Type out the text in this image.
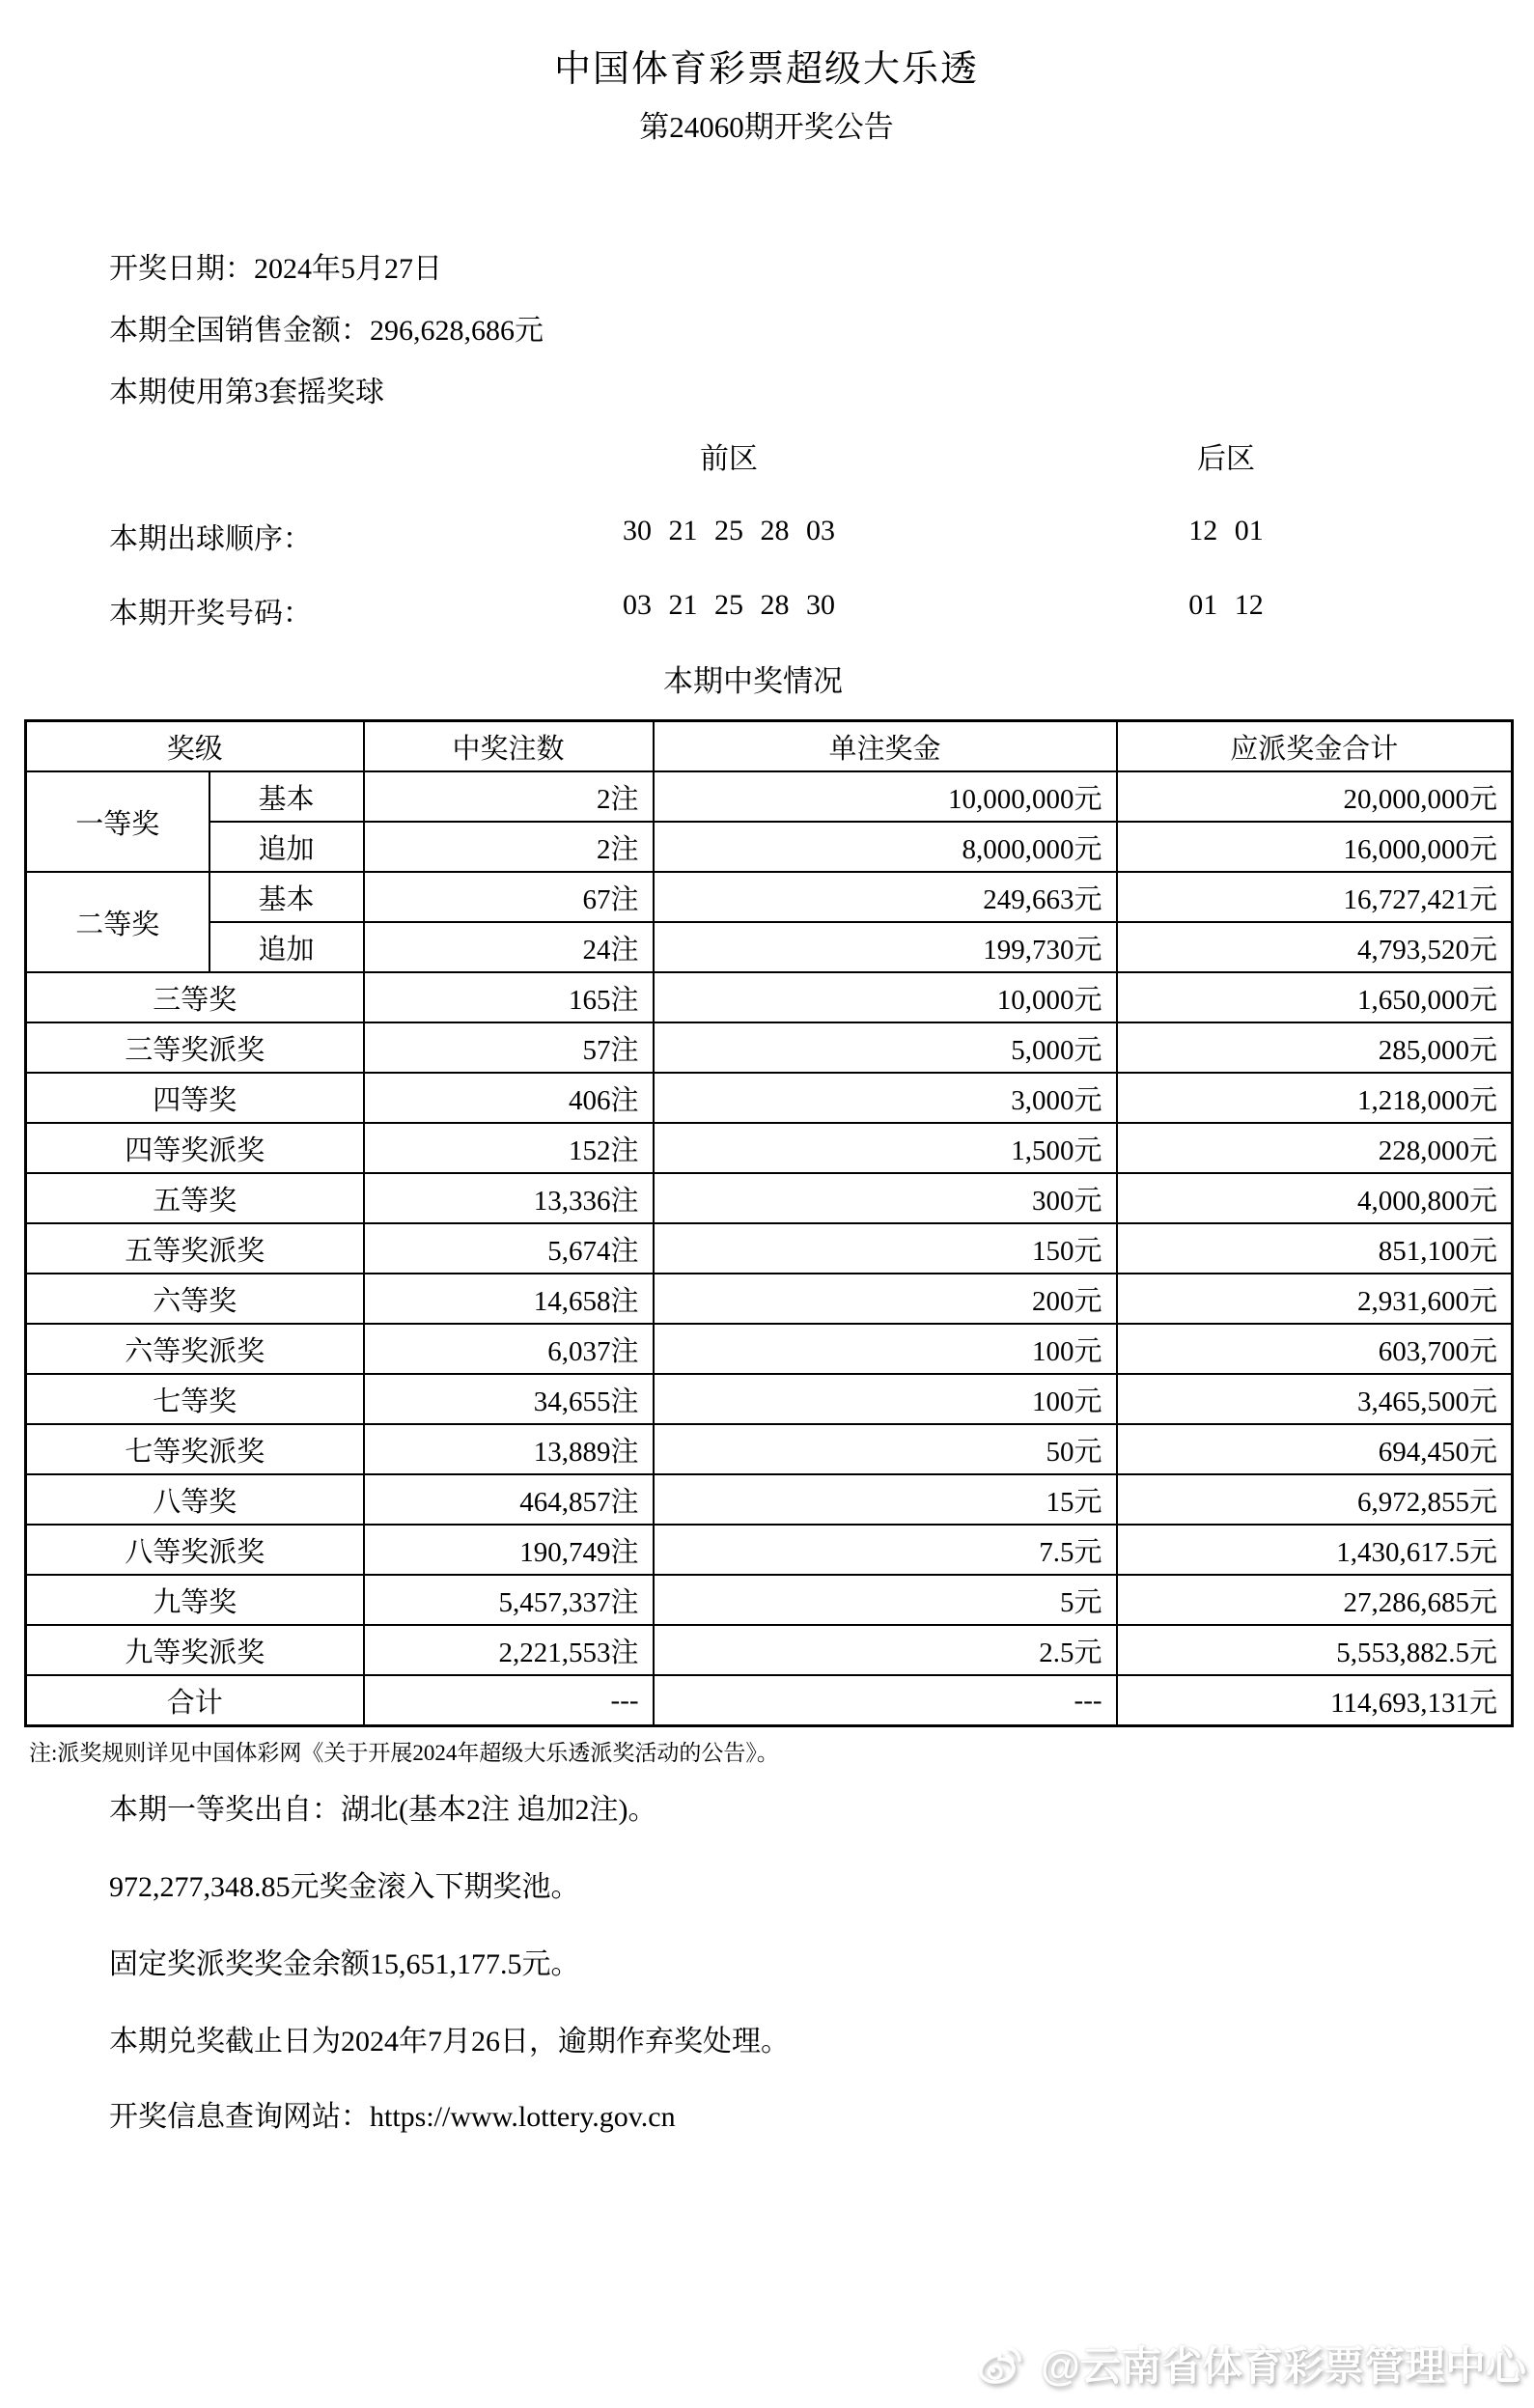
中国体育彩票超级大乐透
第24060期开奖公告
开奖日期：2024年5月27日
本期全国销售金额：296,628,686元
本期使用第3套摇奖球
前区	后区
本期出球顺序：	30 21 25 28 03	12 01
本期开奖号码：	03 21 25 28 30	01 12
本期中奖情况
奖级		中奖注数	单注奖金	应派奖金合计
一等奖	基本	2注	10,000,000元	20,000,000元
	追加	2注	8,000,000元	16,000,000元
二等奖	基本	67注	249,663元	16,727,421元
	追加	24注	199,730元	4,793,520元
三等奖		165注	10,000元	1,650,000元
三等奖派奖		57注	5,000元	285,000元
四等奖		406注	3,000元	1,218,000元
四等奖派奖		152注	1,500元	228,000元
五等奖		13,336注	300元	4,000,800元
五等奖派奖		5,674注	150元	851,100元
六等奖		14,658注	200元	2,931,600元
六等奖派奖		6,037注	100元	603,700元
七等奖		34,655注	100元	3,465,500元
七等奖派奖		13,889注	50元	694,450元
八等奖		464,857注	15元	6,972,855元
八等奖派奖		190,749注	7.5元	1,430,617.5元
九等奖		5,457,337注	5元	27,286,685元
九等奖派奖		2,221,553注	2.5元	5,553,882.5元
合计		---	---	114,693,131元
注:派奖规则详见中国体彩网《关于开展2024年超级大乐透派奖活动的公告》。
本期一等奖出自：湖北(基本2注 追加2注)。
972,277,348.85元奖金滚入下期奖池。
固定奖派奖奖金余额15,651,177.5元。
本期兑奖截止日为2024年7月26日，逾期作弃奖处理。
开奖信息查询网站：https://www.lottery.gov.cn
@云南省体育彩票管理中心
